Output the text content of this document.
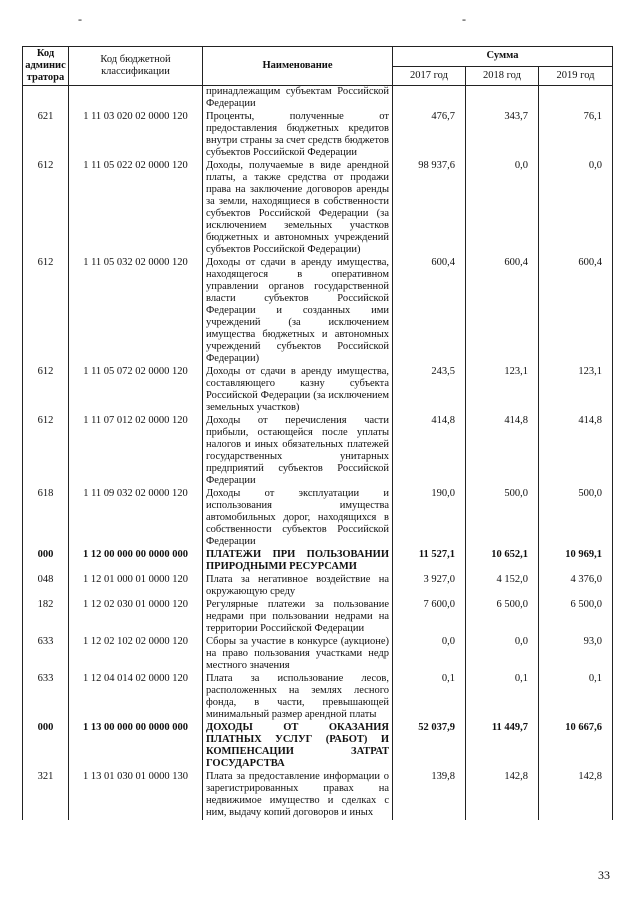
-	-
Код
админис
тратора	Код бюджетной классификации	Наименование	Сумма		
			2017 год	2018 год	2019 год
		принадлежащим субъектам Российской Федерации			
621	1 11 03 020 02 0000 120	Проценты, полученные от предоставления бюджетных кредитов внутри страны за счет средств бюджетов субъектов Российской Федерации	476,7	343,7	76,1
612	1 11 05 022 02 0000 120	Доходы, получаемые в виде арендной платы, а также средства от продажи права на заключение договоров аренды за земли, находящиеся в собственности субъектов Российской Федерации (за исключением земельных участков бюджетных и автономных учреждений субъектов Российской Федерации)	98 937,6	0,0	0,0
612	1 11 05 032 02 0000 120	Доходы от сдачи в аренду имущества, находящегося в оперативном управлении органов государственной власти субъектов Российской Федерации и созданных ими учреждений (за исключением имущества бюджетных и автономных учреждений субъектов Российской Федерации)	600,4	600,4	600,4
612	1 11 05 072 02 0000 120	Доходы от сдачи в аренду имущества, составляющего казну субъекта Российской Федерации (за исключением земельных участков)	243,5	123,1	123,1
612	1 11 07 012 02 0000 120	Доходы от перечисления части прибыли, остающейся после уплаты налогов и иных обязательных платежей государственных унитарных предприятий субъектов Российской Федерации	414,8	414,8	414,8
618	1 11 09 032 02 0000 120	Доходы от эксплуатации и использования имущества автомобильных дорог, находящихся в собственности субъектов Российской Федерации	190,0	500,0	500,0
000	1 12 00 000 00 0000 000	ПЛАТЕЖИ ПРИ ПОЛЬЗОВАНИИ ПРИРОДНЫМИ РЕСУРСАМИ	11 527,1	10 652,1	10 969,1
048	1 12 01 000 01 0000 120	Плата за негативное воздействие на окружающую среду	3 927,0	4 152,0	4 376,0
182	1 12 02 030 01 0000 120	Регулярные платежи за пользование недрами при пользовании недрами на территории Российской Федерации	7 600,0	6 500,0	6 500,0
633	1 12 02 102 02 0000 120	Сборы за участие в конкурсе (аукционе) на право пользования участками недр местного значения	0,0	0,0	93,0
633	1 12 04 014 02 0000 120	Плата за использование лесов, расположенных на землях лесного фонда, в части, превышающей минимальный размер арендной платы	0,1	0,1	0,1
000	1 13 00 000 00 0000 000	ДОХОДЫ ОТ ОКАЗАНИЯ ПЛАТНЫХ УСЛУГ (РАБОТ) И КОМПЕНСАЦИИ ЗАТРАТ ГОСУДАРСТВА	52 037,9	11 449,7	10 667,6
321	1 13 01 030 01 0000 130	Плата за предоставление информации о зарегистрированных правах на недвижимое имущество и сделках с ним, выдачу копий договоров и иных	139,8	142,8	142,8
33
